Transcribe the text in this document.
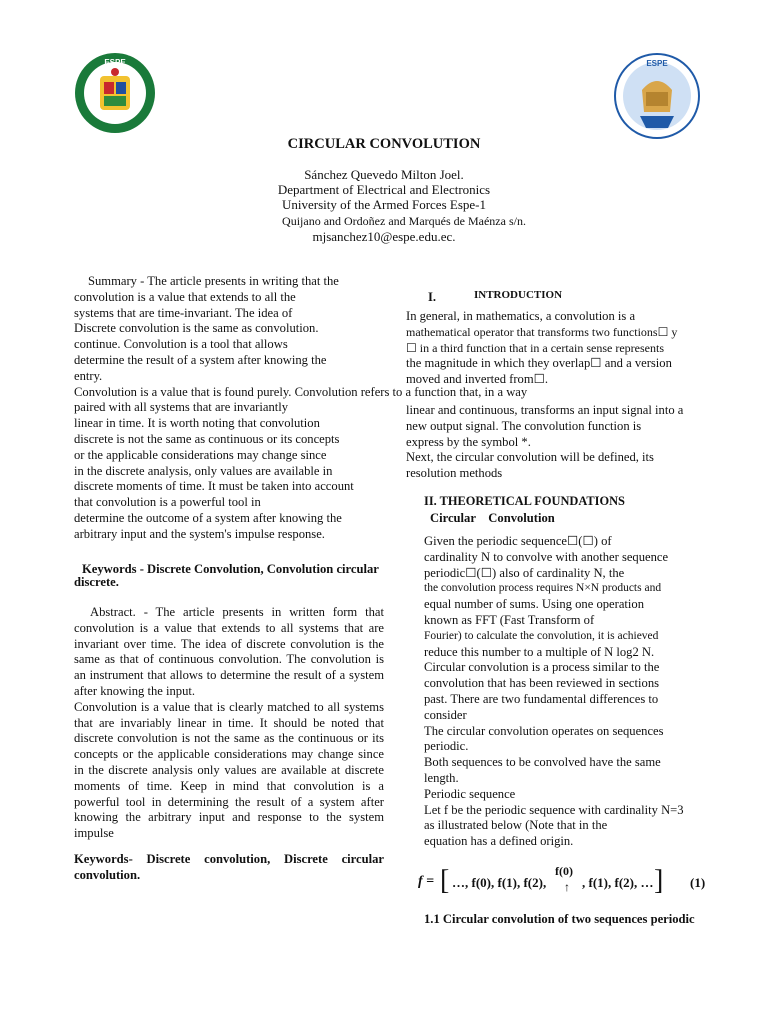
ESPE	ESPE
CIRCULAR CONVOLUTION
Sánchez Quevedo Milton Joel.
Department of Electrical and Electronics
University of the Armed Forces Espe-1
Quijano and Ordoñez and Marqués de Maénza s/n.
mjsanchez10@espe.edu.ec.
Summary - The article presents in writing that the
convolution is a value that extends to all the
systems that are time-invariant. The idea of
Discrete convolution is the same as convolution.
continue. Convolution is a tool that allows
determine the result of a system after knowing the
entry.
Convolution is a value that is found purely. Convolution refers to a function that, in a way
paired with all systems that are invariantly
linear in time. It is worth noting that convolution
discrete is not the same as continuous or its concepts
or the applicable considerations may change since
in the discrete analysis, only values are available in
discrete moments of time. It must be taken into account
that convolution is a powerful tool in
determine the outcome of a system after knowing the
arbitrary input and the system's impulse response.
Keywords - Discrete Convolution, Convolution circular discrete.

Abstract. - The article presents in written form that convolution is a value that extends to all systems that are invariant over time. The idea of discrete convolution is the same as that of continuous convolution. The convolution is an instrument that allows to determine the result of a system after knowing the input.

Convolution is a value that is clearly matched to all systems that are invariably linear in time. It should be noted that discrete convolution is not the same as the continuous or its concepts or the applicable considerations may change since in the discrete analysis only values are available at discrete moments of time. Keep in mind that convolution is a powerful tool in determining the result of a system after knowing the arbitrary input and response to the system impulse

Keywords- Discrete convolution, Discrete circular convolution.
I.	INTRODUCTION
In general, in mathematics, a convolution is a
mathematical operator that transforms two functions☐ y
☐ in a third function that in a certain sense represents
the magnitude in which they overlap☐ and a version
moved and inverted from☐.
linear and continuous, transforms an input signal into a
new output signal. The convolution function is
express by the symbol *.
Next, the circular convolution will be defined, its
resolution methods
II. THEORETICAL FOUNDATIONS
Circular    Convolution
Given the periodic sequence☐(☐) of
cardinality N to convolve with another sequence
periodic☐(☐) also of cardinality N, the
the convolution process requires N×N products and
equal number of sums. Using one operation
known as FFT (Fast Transform of
Fourier) to calculate the convolution, it is achieved
reduce this number to a multiple of N log2 N.
Circular convolution is a process similar to the
convolution that has been reviewed in sections
past. There are two fundamental differences to
consider
The circular convolution operates on sequences
periodic.
Both sequences to be convolved have the same
length.
Periodic sequence
Let f be the periodic sequence with cardinality N=3
as illustrated below (Note that in the
equation has a defined origin.
f = [ …, f(0), f(1), f(2),
f(0)
↑ , f(1), f(2), … ] (1)
1.1 Circular convolution of two sequences periodic
